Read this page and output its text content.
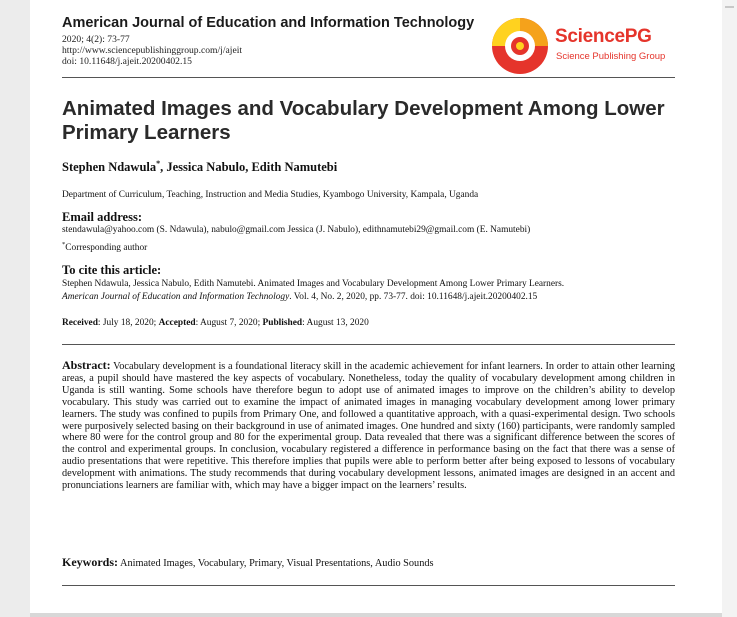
American Journal of Education and Information Technology
2020; 4(2): 73-77
http://www.sciencepublishinggroup.com/j/ajeit
doi: 10.11648/j.ajeit.20200402.15
SciencePG
Science Publishing Group
Animated Images and Vocabulary Development Among Lower Primary Learners
Stephen Ndawula*, Jessica Nabulo, Edith Namutebi
Department of Curriculum, Teaching, Instruction and Media Studies, Kyambogo University, Kampala, Uganda
Email address:
stendawula@yahoo.com (S. Ndawula), nabulo@gmail.com Jessica (J. Nabulo), edithnamutebi29@gmail.com (E. Namutebi)
*Corresponding author
To cite this article:
Stephen Ndawula, Jessica Nabulo, Edith Namutebi. Animated Images and Vocabulary Development Among Lower Primary Learners.
American Journal of Education and Information Technology. Vol. 4, No. 2, 2020, pp. 73-77. doi: 10.11648/j.ajeit.20200402.15
Received: July 18, 2020; Accepted: August 7, 2020; Published: August 13, 2020
Abstract: Vocabulary development is a foundational literacy skill in the academic achievement for infant learners. In order to attain other learning areas, a pupil should have mastered the key aspects of vocabulary. Nonetheless, today the quality of vocabulary development among children in Uganda is still wanting. Some schools have therefore begun to adopt use of animated images to improve on the children’s ability to develop vocabulary. This study was carried out to examine the impact of animated images in managing vocabulary development among lower primary learners. The study was confined to pupils from Primary One, and followed a quantitative approach, with a quasi-experimental design. Two schools were purposively selected basing on their background in use of animated images. One hundred and sixty (160) participants, were randomly sampled where 80 were for the control group and 80 for the experimental group. Data revealed that there was a significant difference between the scores of the control and experimental groups. In conclusion, vocabulary registered a difference in performance basing on the fact that there was a sense of audio presentations that were repetitive. This therefore implies that pupils were able to perform better after being exposed to lessons of vocabulary development with animations. The study recommends that during vocabulary development lessons, animated images are designed in an accent and pronunciations learners are familiar with, which may have a bigger impact on the learners’ results.
Keywords: Animated Images, Vocabulary, Primary, Visual Presentations, Audio Sounds
